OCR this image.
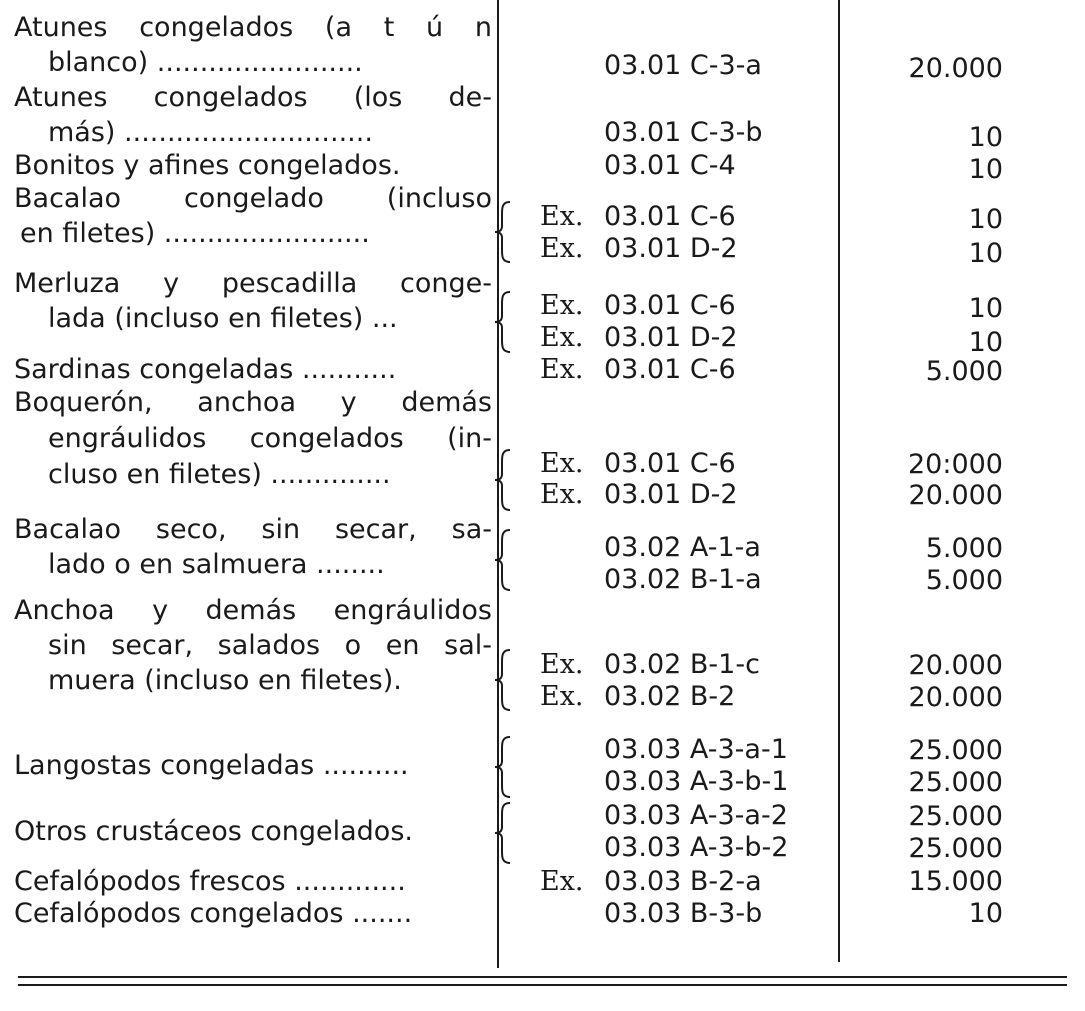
Atunes congelados (a t ú n
blanco) ........................	03.01 C-3-a	20.000
Atunes congelados (los de-
más) .............................	03.01 C-3-b	10
Bonitos y afines congelados.	03.01 C-4	10
Bacalao congelado (incluso
en filetes) ........................
Ex. 03.01 C-6	10
Ex. 03.01 D-2	10
Merluza y pescadilla conge-
lada (incluso en filetes) ...	Ex. 03.01 C-6	10
Ex. 03.01 D-2	10
Sardinas congeladas ...........	Ex. 03.01 C-6	5.000
Boquerón, anchoa y demás
engráulidos congelados (in-
cluso en filetes) ..............	Ex. 03.01 C-6	20:000
Ex. 03.01 D-2	20.000
Bacalao seco, sin secar, sa-
lado o en salmuera ........
03.02 A-1-a	5.000
03.02 B-1-a	5.000
Anchoa y demás engráulidos
sin secar, salados o en sal-
muera (incluso en filetes).
Ex. 03.02 B-1-c	20.000
Ex. 03.02 B-2	20.000
Langostas congeladas ..........
03.03 A-3-a-1	25.000
03.03 A-3-b-1	25.000
Otros crustáceos congelados.
03.03 A-3-a-2	25.000
03.03 A-3-b-2	25.000
Cefalópodos frescos .............	Ex. 03.03 B-2-a	15.000
Cefalópodos congelados .......	03.03 B-3-b	10
